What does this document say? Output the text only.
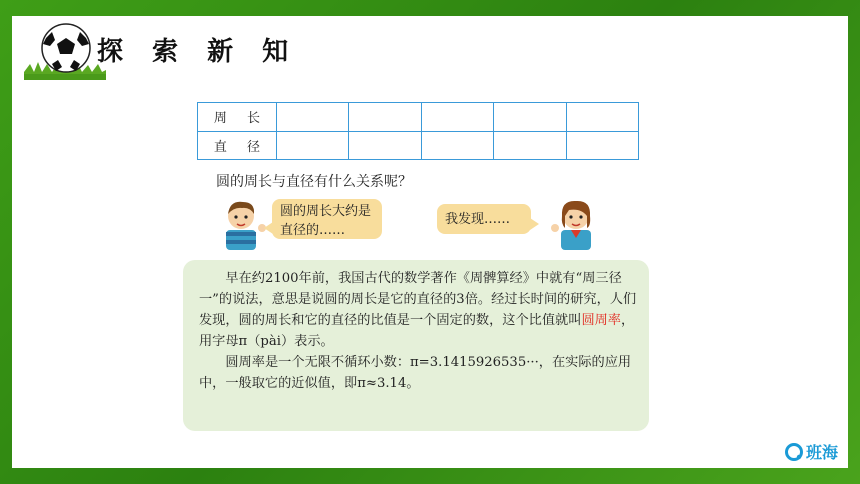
探 索 新 知
周 长					
直 径					
圆的周长与直径有什么关系呢？
圆的周长大约是直径的……
我发现……

早在约2100年前，我国古代的数学著作《周髀算经》中就有“周三径一”的说法，意思是说圆的周长是它的直径的3倍。经过长时间的研究，人们发现，圆的周长和它的直径的比值是一个固定的数，这个比值就叫圆周率，用字母π（pài）表示。

圆周率是一个无限不循环小数：π=3.1415926535···，在实际的应用中，一般取它的近似值，即π≈3.14。

班海
